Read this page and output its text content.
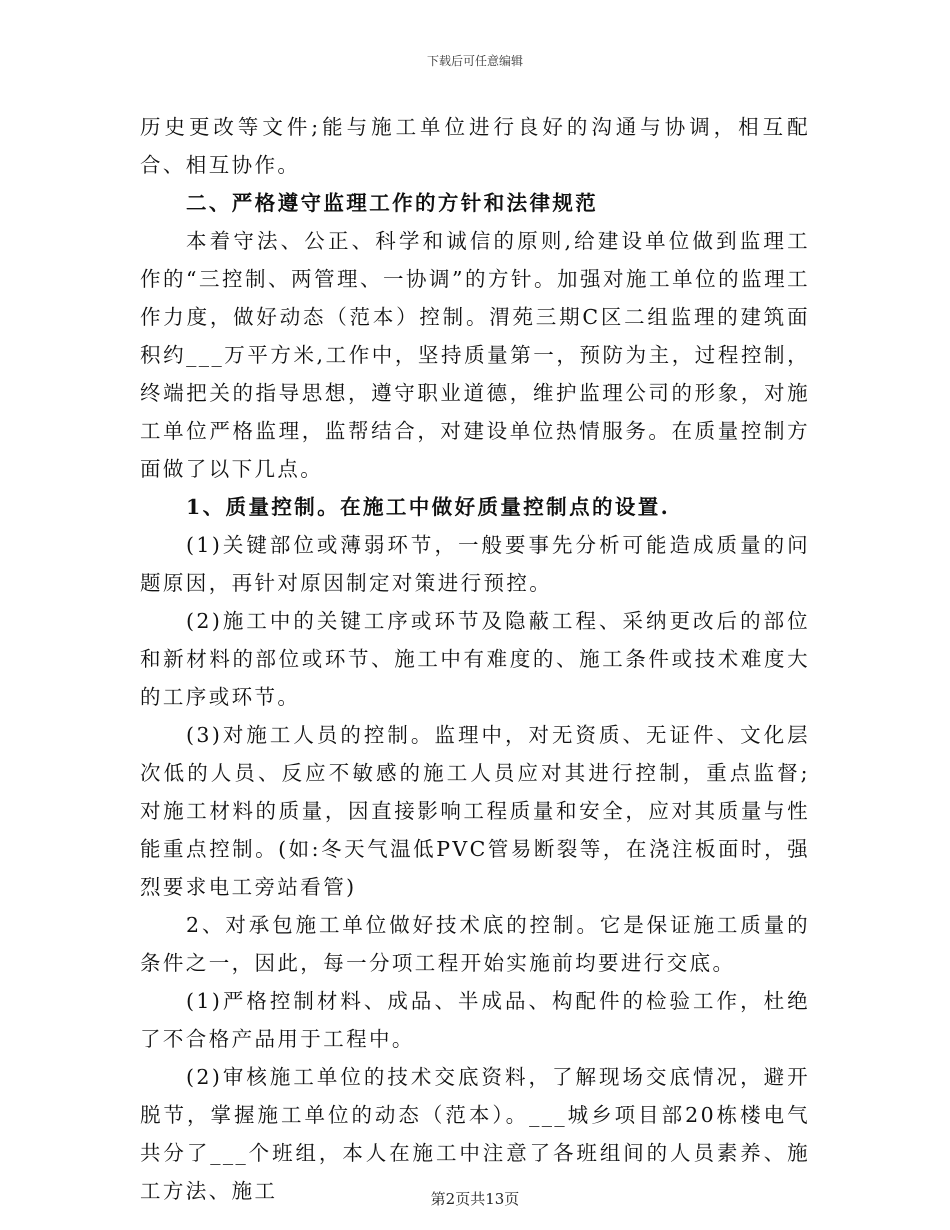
下载后可任意编辑

历史更改等文件;能与施工单位进行良好的沟通与协调，相互配合、相互协作。

二、严格遵守监理工作的方针和法律规范

本着守法、公正、科学和诚信的原则,给建设单位做到监理工作的“三控制、两管理、一协调”的方针。加强对施工单位的监理工作力度，做好动态（范本）控制。渭苑三期C区二组监理的建筑面积约___万平方米,工作中，坚持质量第一，预防为主，过程控制，终端把关的指导思想，遵守职业道德，维护监理公司的形象，对施工单位严格监理，监帮结合，对建设单位热情服务。在质量控制方面做了以下几点。

1、质量控制。在施工中做好质量控制点的设置.

(1)关键部位或薄弱环节，一般要事先分析可能造成质量的问题原因，再针对原因制定对策进行预控。

(2)施工中的关键工序或环节及隐蔽工程、采纳更改后的部位和新材料的部位或环节、施工中有难度的、施工条件或技术难度大的工序或环节。

(3)对施工人员的控制。监理中，对无资质、无证件、文化层次低的人员、反应不敏感的施工人员应对其进行控制，重点监督;对施工材料的质量，因直接影响工程质量和安全，应对其质量与性能重点控制。(如:冬天气温低PVC管易断裂等，在浇注板面时，强烈要求电工旁站看管)

2、对承包施工单位做好技术底的控制。它是保证施工质量的条件之一，因此，每一分项工程开始实施前均要进行交底。

(1)严格控制材料、成品、半成品、构配件的检验工作，杜绝了不合格产品用于工程中。

(2)审核施工单位的技术交底资料，了解现场交底情况，避开脱节，掌握施工单位的动态（范本）。___城乡项目部20栋楼电气共分了___个班组，本人在施工中注意了各班组间的人员素养、施工方法、施工	第2页共13页
